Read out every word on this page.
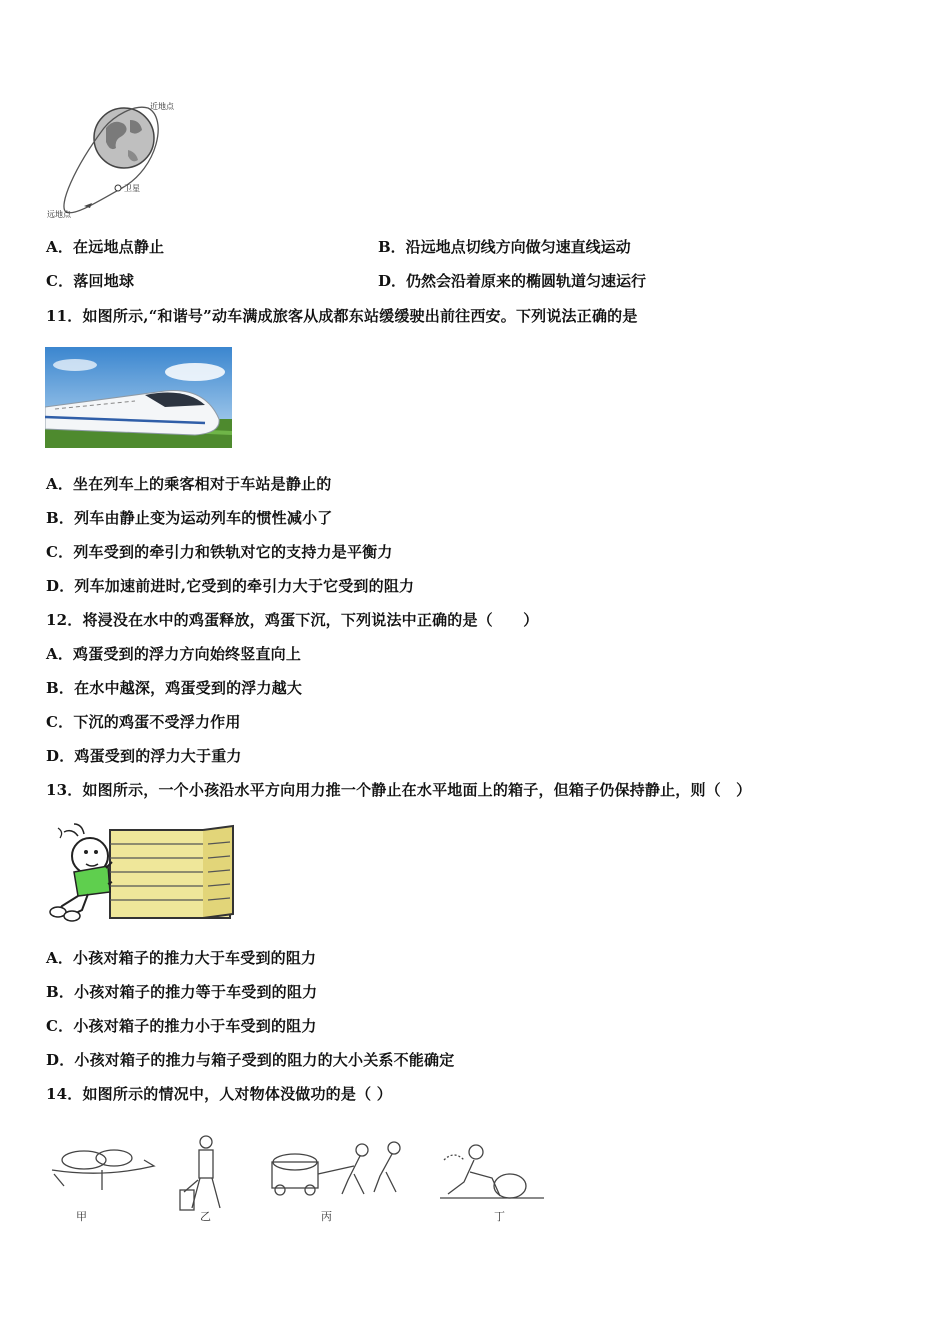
近地点
远地点
卫星
A．在远地点静止	B．沿远地点切线方向做匀速直线运动
C．落回地球	D．仍然会沿着原来的椭圆轨道匀速运行
11．如图所示,“和谐号”动车满成旅客从成都东站缓缓驶出前往西安。下列说法正确的是
A．坐在列车上的乘客相对于车站是静止的
B．列车由静止变为运动列车的惯性减小了
C．列车受到的牵引力和铁轨对它的支持力是平衡力
D．列车加速前进时,它受到的牵引力大于它受到的阻力
12．将浸没在水中的鸡蛋释放，鸡蛋下沉，下列说法中正确的是（　　）
A．鸡蛋受到的浮力方向始终竖直向上
B．在水中越深，鸡蛋受到的浮力越大
C．下沉的鸡蛋不受浮力作用
D．鸡蛋受到的浮力大于重力
13．如图所示，一个小孩沿水平方向用力推一个静止在水平地面上的箱子，但箱子仍保持静止，则（　）
A．小孩对箱子的推力大于车受到的阻力
B．小孩对箱子的推力等于车受到的阻力
C．小孩对箱子的推力小于车受到的阻力
D．小孩对箱子的推力与箱子受到的阻力的大小关系不能确定
14．如图所示的情况中，人对物体没做功的是（ ）
甲	乙	丙	丁
